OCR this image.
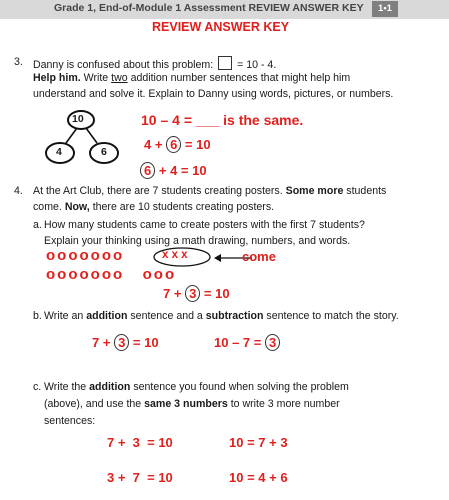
Grade 1, End-of-Module 1 Assessment REVIEW ANSWER KEY	1•1
REVIEW ANSWER KEY
3. Danny is confused about this problem: = 10 - 4.
Help him. Write two addition number sentences that might help him
understand and solve it. Explain to Danny using words, pictures, or numbers.
10
4	6
10 – 4 = ___ is the same.
4 + 6 = 10
6 + 4 = 10
4. At the Art Club, there are 7 students creating posters. Some more students
come. Now, there are 10 students creating posters.
a. How many students came to create posters with the first 7 students?
Explain your thinking using a math drawing, numbers, and words.
ooooooo	x x x	come
ooooooo   ooo
7 + 3 = 10
b. Write an addition sentence and a subtraction sentence to match the story.
7 + 3 = 10	10 – 7 = 3
c. Write the addition sentence you found when solving the problem
(above), and use the same 3 numbers to write 3 more number
sentences:
7 +  3  = 10	10 = 7 + 3
3 +  7  = 10	10 = 4 + 6
